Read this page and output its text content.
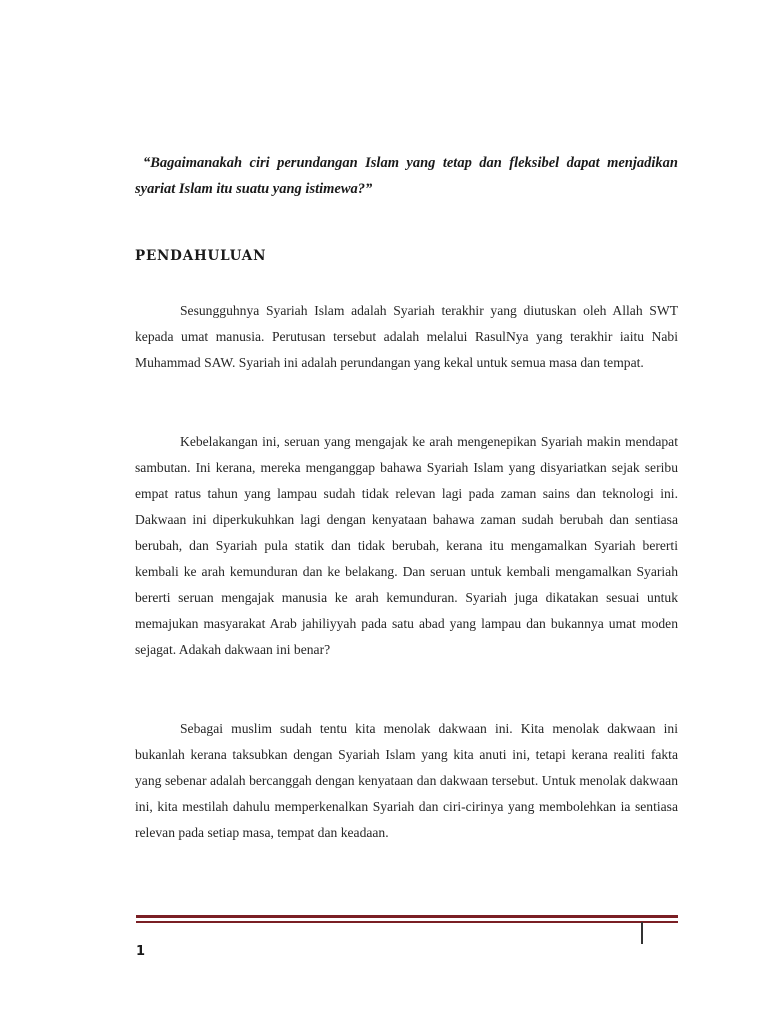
“Bagaimanakah ciri perundangan Islam yang tetap dan fleksibel dapat menjadikan syariat Islam itu suatu yang istimewa?”
PENDAHULUAN
Sesungguhnya Syariah Islam adalah Syariah terakhir yang diutuskan oleh Allah SWT kepada umat manusia. Perutusan tersebut adalah melalui RasulNya yang terakhir iaitu Nabi Muhammad SAW. Syariah ini adalah perundangan yang kekal untuk semua masa dan tempat.
Kebelakangan ini, seruan yang mengajak ke arah mengenepikan Syariah makin mendapat sambutan. Ini kerana, mereka menganggap bahawa Syariah Islam yang disyariatkan sejak seribu empat ratus tahun yang lampau sudah tidak relevan lagi pada zaman sains dan teknologi ini. Dakwaan ini diperkukuhkan lagi dengan kenyataan bahawa zaman sudah berubah dan sentiasa berubah, dan Syariah pula statik dan tidak berubah, kerana itu mengamalkan Syariah bererti kembali ke arah kemunduran dan ke belakang. Dan seruan untuk kembali mengamalkan Syariah bererti seruan mengajak manusia ke arah kemunduran. Syariah juga dikatakan sesuai untuk memajukan masyarakat Arab jahiliyyah pada satu abad yang lampau dan bukannya umat moden sejagat. Adakah dakwaan ini benar?
Sebagai muslim sudah tentu kita menolak dakwaan ini. Kita menolak dakwaan ini bukanlah kerana taksubkan dengan Syariah Islam yang kita anuti ini, tetapi kerana realiti fakta yang sebenar adalah bercanggah dengan kenyataan dan dakwaan tersebut. Untuk menolak dakwaan ini, kita mestilah dahulu memperkenalkan Syariah dan ciri-cirinya yang membolehkan ia sentiasa relevan pada setiap masa, tempat dan keadaan.
1
